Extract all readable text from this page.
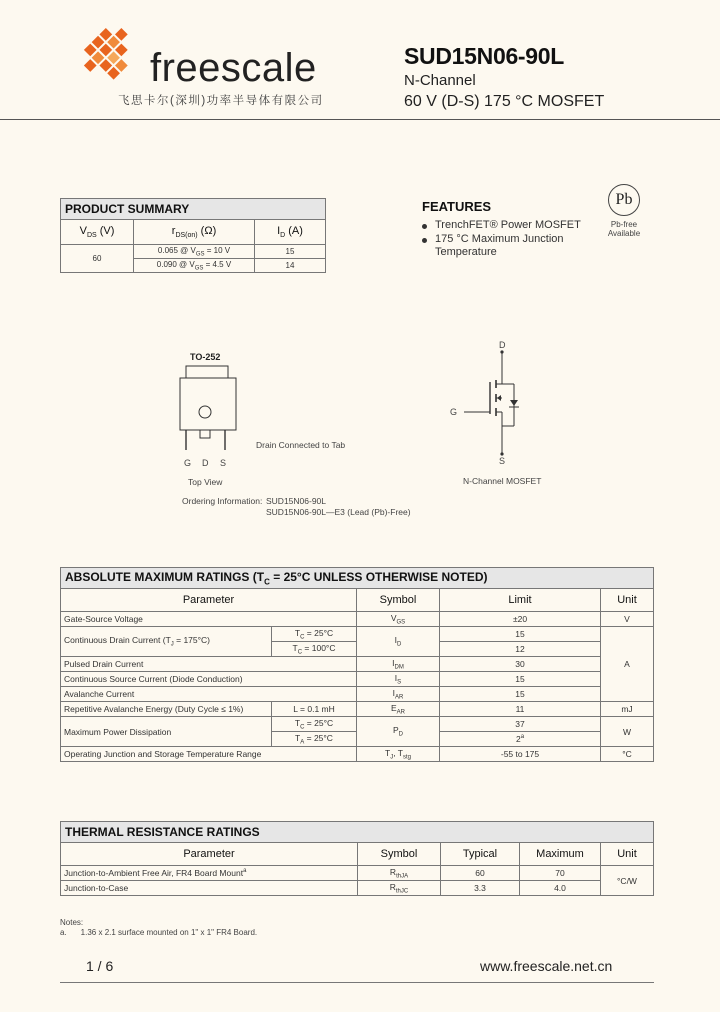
freescale
飞思卡尔(深圳)功率半导体有限公司
SUD15N06-90L
N-Channel
60 V (D-S) 175 °C MOSFET
PRODUCT SUMMARY		
$V_{DS}$ (V)	$r_{DS(on)}$ (Ω)	$I_D$ (A)
60	0.065 @ $V_{GS} = 10$ V	15
	0.090 @ $V_{GS} = 4.5$ V	14
FEATURES
TrenchFET® Power MOSFET
175 °C Maximum Junction Temperature
Pb
Pb-free
Available
TO-252
Drain Connected to Tab
G D S
Top View
Ordering Information: SUD15N06-90L
SUD15N06-90L—E3 (Lead (Pb)-Free)
D
G
S
N-Channel MOSFET
ABSOLUTE MAXIMUM RATINGS ($T_C = 25^\circ C$ UNLESS OTHERWISE NOTED)				
Parameter		Symbol	Limit	Unit
Gate-Source Voltage		$V_{GS}$	±20	V
Continuous Drain Current $(T_J = 175^\circ C)$	$T_C = 25^\circ C$	$I_D$	15	A
	$T_C = 100^\circ C$		12	
Pulsed Drain Current		$I_{DM}$	30	
Continuous Source Current (Diode Conduction)		$I_S$	15	
Avalanche Current		$I_{AR}$	15	
Repetitive Avalanche Energy (Duty Cycle ≤ 1%)	L = 0.1 mH	$E_{AR}$	11	mJ
Maximum Power Dissipation	$T_C = 25^\circ C$	$P_D$	37	W
	$T_A = 25^\circ C$		2$^a$
Operating Junction and Storage Temperature Range		$T_J$, $T_{stg}$	-55 to 175	°C
THERMAL RESISTANCE RATINGS				
Parameter	Symbol	Typical	Maximum	Unit
Junction-to-Ambient Free Air, FR4 Board Mount$^a$	$R_{thJA}$	60	70	°C/W
Junction-to-Case	$R_{thJC}$	3.3	4.0	
Notes:
a. 1.36 x 2.1 surface mounted on 1" x 1" FR4 Board.
1 / 6	www.freescale.net.cn
